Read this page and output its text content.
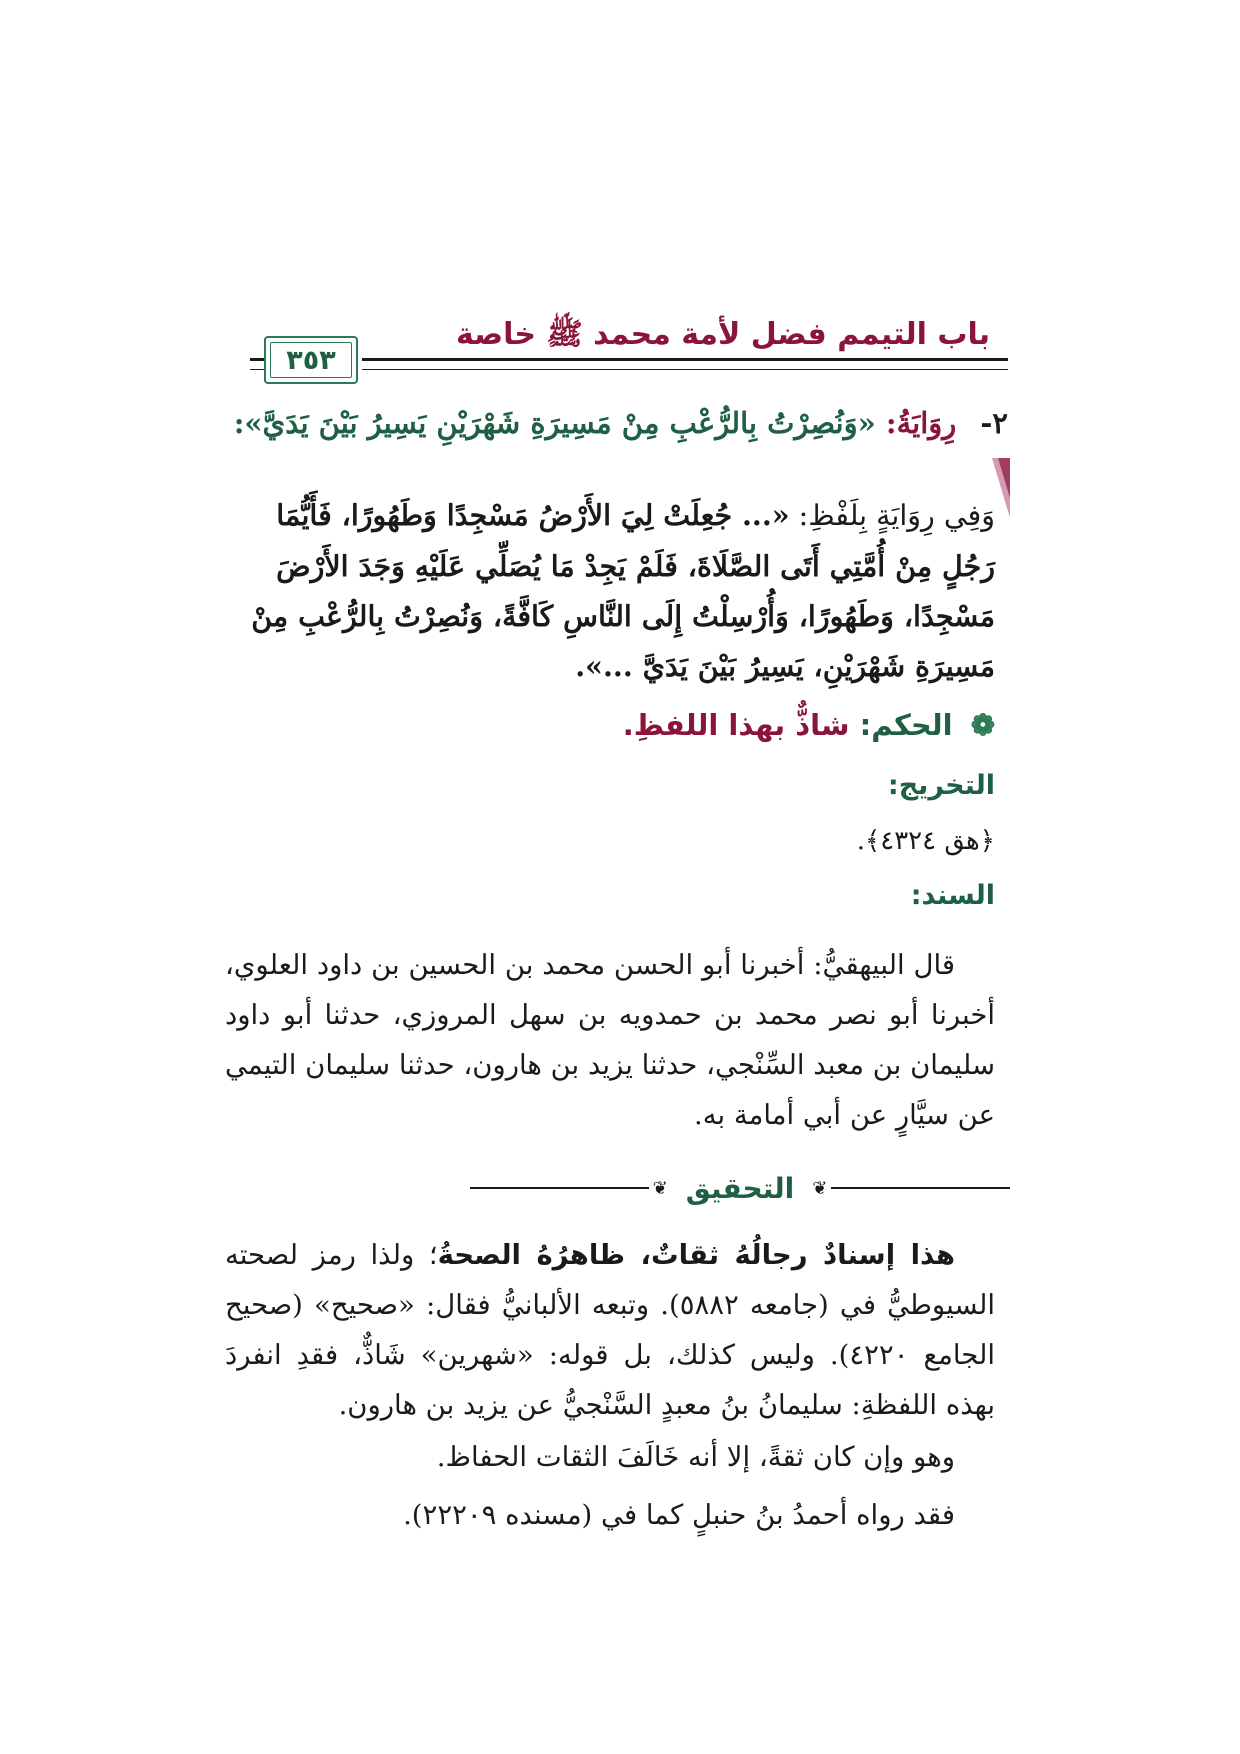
باب التيمم فضل لأمة محمد ﷺ خاصة
٣٥٣
٢- رِوَايَةُ: «وَنُصِرْتُ بِالرُّعْبِ مِنْ مَسِيرَةِ شَهْرَيْنِ يَسِيرُ بَيْنَ يَدَيَّ»:
وَفِي رِوَايَةٍ بِلَفْظِ: «... جُعِلَتْ لِيَ الأَرْضُ مَسْجِدًا وَطَهُورًا، فَأَيُّمَا رَجُلٍ مِنْ أُمَّتِي أَتَى الصَّلَاةَ، فَلَمْ يَجِدْ مَا يُصَلِّي عَلَيْهِ وَجَدَ الأَرْضَ مَسْجِدًا، وَطَهُورًا، وَأُرْسِلْتُ إِلَى النَّاسِ كَافَّةً، وَنُصِرْتُ بِالرُّعْبِ مِنْ مَسِيرَةِ شَهْرَيْنِ، يَسِيرُ بَيْنَ يَدَيَّ ...».
❁ الحكم: شاذٌّ بهذا اللفظِ.
التخريج:
﴿هق ٤٣٢٤﴾.
السند:
قال البيهقيُّ: أخبرنا أبو الحسن محمد بن الحسين بن داود العلوي، أخبرنا أبو نصر محمد بن حمدويه بن سهل المروزي، حدثنا أبو داود سليمان بن معبد السِّنْجي، حدثنا يزيد بن هارون، حدثنا سليمان التيمي عن سيَّارٍ عن أبي أمامة به.
❦
التحقيق
❦
هذا إسنادٌ رجالُهُ ثقاتٌ، ظاهرُهُ الصحةُ؛ ولذا رمز لصحته السيوطيُّ في (جامعه ٥٨٨٢). وتبعه الألبانيُّ فقال: «صحيح» (صحيح الجامع ٤٢٢٠). وليس كذلك، بل قوله: «شهرين» شَاذٌّ، فقدِ انفردَ بهذه اللفظةِ: سليمانُ بنُ معبدٍ السَّنْجيُّ عن يزيد بن هارون.
وهو وإن كان ثقةً، إلا أنه خَالَفَ الثقات الحفاظ.
فقد رواه أحمدُ بنُ حنبلٍ كما في (مسنده ٢٢٢٠٩).
